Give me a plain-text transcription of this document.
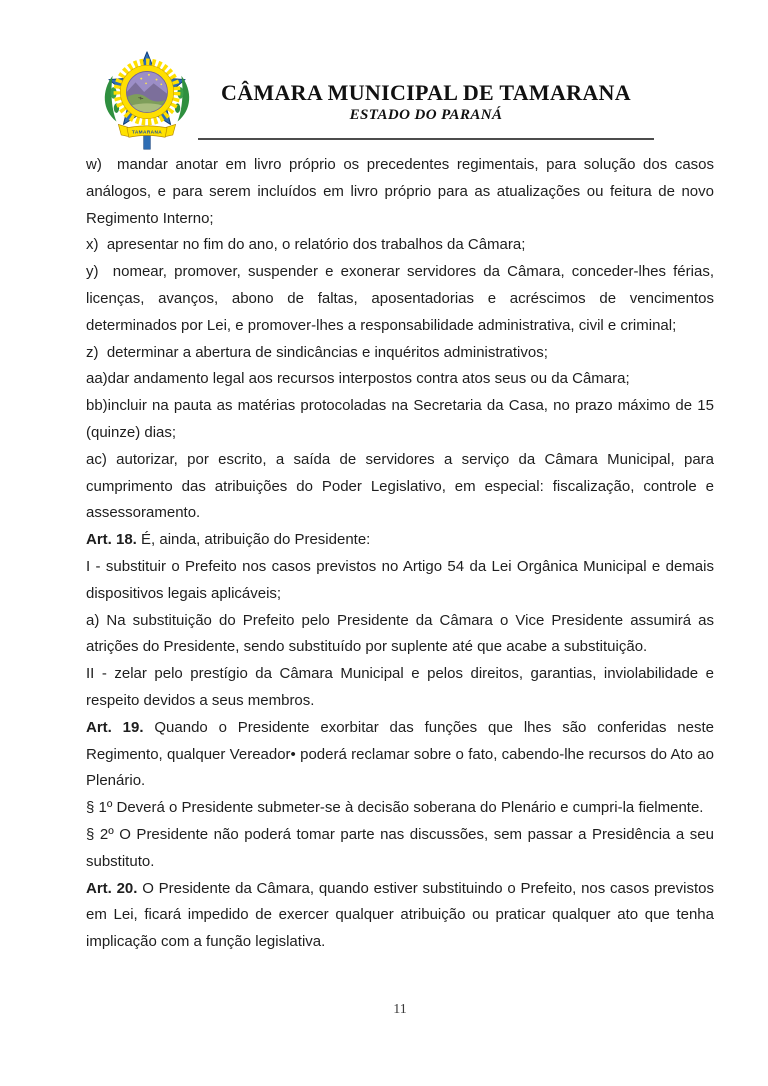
TAMARANA
CÂMARA MUNICIPAL DE TAMARANA
ESTADO DO PARANÁ

w)  mandar anotar em livro próprio os precedentes regimentais, para solução dos casos análogos, e para serem incluídos em livro próprio para as atualizações ou feitura de novo Regimento Interno;

x)  apresentar no fim do ano, o relatório dos trabalhos da Câmara;

y)  nomear, promover, suspender e exonerar servidores da Câmara, conceder-lhes férias, licenças, avanços, abono de faltas, aposentadorias e acréscimos de vencimentos determinados por Lei, e promover-lhes a responsabilidade administrativa, civil e criminal;

z)  determinar a abertura de sindicâncias e inquéritos administrativos;

aa)dar andamento legal aos recursos interpostos contra atos seus ou da Câmara;

bb)incluir na pauta as matérias protocoladas na Secretaria da Casa, no prazo máximo de 15 (quinze) dias;

ac) autorizar, por escrito, a saída de servidores a serviço da Câmara Municipal, para cumprimento das atribuições do Poder Legislativo, em especial: fiscalização, controle e assessoramento.

Art. 18. É, ainda, atribuição do Presidente:

I - substituir o Prefeito nos casos previstos no Artigo 54 da Lei Orgânica Municipal e demais dispositivos legais aplicáveis;

a) Na substituição do Prefeito pelo Presidente da Câmara o Vice Presidente assumirá as atrições do Presidente, sendo substituído por suplente até que acabe a substituição.

II - zelar pelo prestígio da Câmara Municipal e pelos direitos, garantias, inviolabilidade e respeito devidos a seus membros.

Art. 19. Quando o Presidente exorbitar das funções que lhes são conferidas neste Regimento, qualquer Vereador• poderá reclamar sobre o fato, cabendo-lhe recursos do Ato ao Plenário.

§ 1º Deverá o Presidente submeter-se à decisão soberana do Plenário e cumpri-la fielmente.

§ 2º O Presidente não poderá tomar parte nas discussões, sem passar a Presidência a seu substituto.

Art. 20. O Presidente da Câmara, quando estiver substituindo o Prefeito, nos casos previstos em Lei, ficará impedido de exercer qualquer atribuição ou praticar qualquer ato que tenha implicação com a função legislativa.

11
